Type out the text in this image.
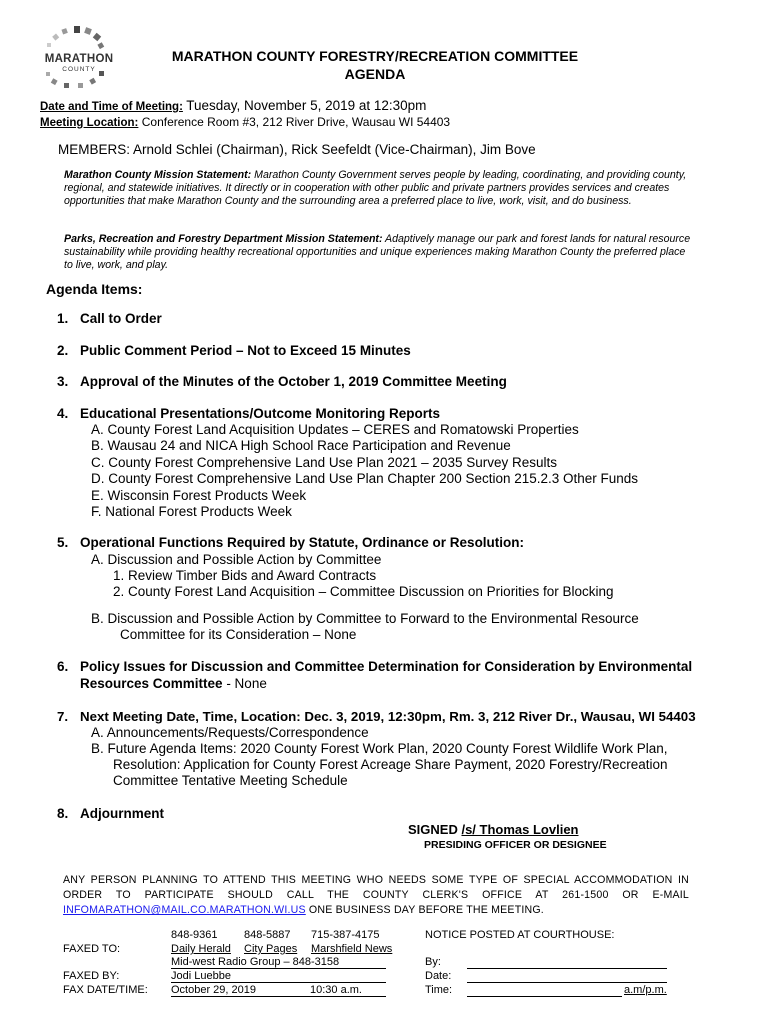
MARATHON
COUNTY
MARATHON COUNTY FORESTRY/RECREATION COMMITTEE
AGENDA
Date and Time of Meeting: Tuesday, November 5, 2019 at 12:30pm
Meeting Location: Conference Room #3, 212 River Drive, Wausau WI 54403
MEMBERS: Arnold Schlei (Chairman), Rick Seefeldt (Vice-Chairman), Jim Bove
Marathon County Mission Statement: Marathon County Government serves people by leading, coordinating, and providing county, regional, and statewide initiatives. It directly or in cooperation with other public and private partners provides services and creates opportunities that make Marathon County and the surrounding area a preferred place to live, work, visit, and do business.
Parks, Recreation and Forestry Department Mission Statement: Adaptively manage our park and forest lands for natural resource sustainability while providing healthy recreational opportunities and unique experiences making Marathon County the preferred place to live, work, and play.
Agenda Items:
1. Call to Order
2. Public Comment Period – Not to Exceed 15 Minutes
3. Approval of the Minutes of the October 1, 2019 Committee Meeting
4. Educational Presentations/Outcome Monitoring Reports
A. County Forest Land Acquisition Updates – CERES and Romatowski Properties
B. Wausau 24 and NICA High School Race Participation and Revenue
C. County Forest Comprehensive Land Use Plan 2021 – 2035 Survey Results
D. County Forest Comprehensive Land Use Plan Chapter 200 Section 215.2.3 Other Funds
E. Wisconsin Forest Products Week
F. National Forest Products Week
5. Operational Functions Required by Statute, Ordinance or Resolution:
A. Discussion and Possible Action by Committee
1. Review Timber Bids and Award Contracts
2. County Forest Land Acquisition – Committee Discussion on Priorities for Blocking
B. Discussion and Possible Action by Committee to Forward to the Environmental Resource
Committee for its Consideration – None
6. Policy Issues for Discussion and Committee Determination for Consideration by Environmental
Resources Committee - None
7. Next Meeting Date, Time, Location: Dec. 3, 2019, 12:30pm, Rm. 3, 212 River Dr., Wausau, WI 54403
A. Announcements/Requests/Correspondence
B. Future Agenda Items: 2020 County Forest Work Plan, 2020 County Forest Wildlife Work Plan,
Resolution: Application for County Forest Acreage Share Payment, 2020 Forestry/Recreation
Committee Tentative Meeting Schedule
8. Adjournment
SIGNED /s/ Thomas Lovlien
PRESIDING OFFICER OR DESIGNEE
ANY PERSON PLANNING TO ATTEND THIS MEETING WHO NEEDS SOME TYPE OF SPECIAL ACCOMMODATION IN ORDER TO PARTICIPATE SHOULD CALL THE COUNTY CLERK'S OFFICE AT 261-1500 OR E-MAIL INFOMARATHON@MAIL.CO.MARATHON.WI.US ONE BUSINESS DAY BEFORE THE MEETING.
848-9361 848-5887 715-387-4175
FAXED TO:	Daily Herald City Pages Marshfield News
Mid-west Radio Group – 848-3158
FAXED BY:	Jodi Luebbe
FAX DATE/TIME: October 29, 2019	10:30 a.m.
NOTICE POSTED AT COURTHOUSE:
By:
Date:
Time:	a.m/p.m.
